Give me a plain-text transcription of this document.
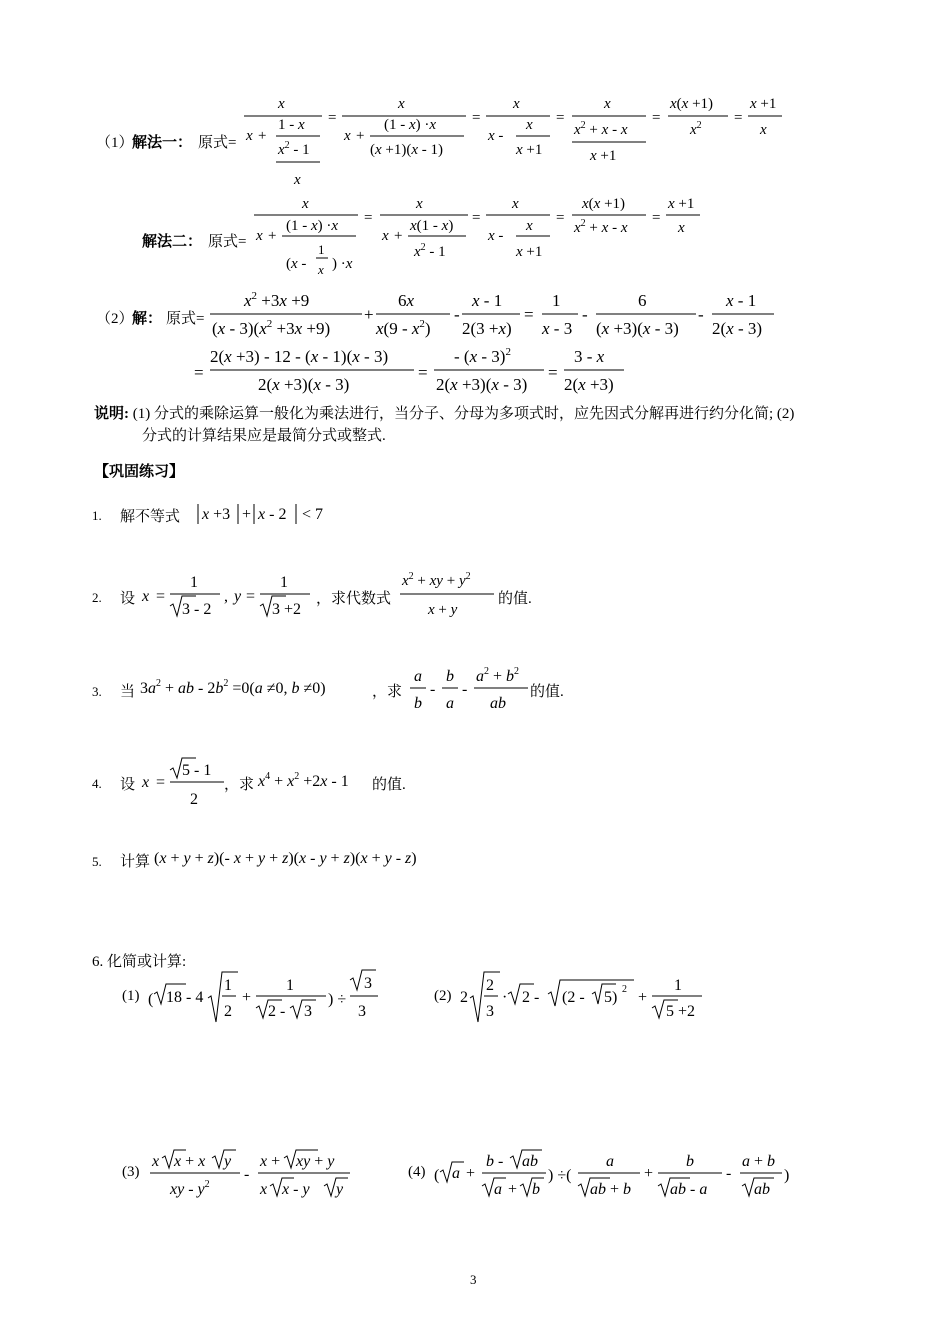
（1）
解法一： 原式=
x
x +
1 - x
$x^2 - 1$
x
=
x
x +
(1 - x) ·x
(x +1)(x - 1)
=
x
x -
x
x +1
=
x
$x^2 + x - x$
x +1
=
x(x +1)
$x^2$ =
x +1
x
解法二： 原式=
x
x +
(1 - x) ·x
(x -
1
x ) ·x
=
x
x +
x(1 - x)
$x^2 - 1$
=
x
x -
x
x +1
=
x(x +1)
$x^2 + x - x$
=
x +1
x
（2）
解： 原式=
$x^2 +3x +9$
$(x - 3)(x^2 +3x +9)$
+
6x
$x(9 - x^2)$
-
x - 1
2(3 +x)
=
1
x - 3
-
6
(x +3)(x - 3)
-
x - 1
2(x - 3)
=
2(x +3) - 12 - (x - 1)(x - 3)
2(x +3)(x - 3)
=
- (x - 3)$^2$
2(x +3)(x - 3)
=
3 - x
2(x +3)
说明: (1) 分式的乘除运算一般化为乘法进行，当分子、分母为多项式时，应先因式分解再进行约分化简; (2)
分式的计算结果应是最简分式或整式.
【巩固练习】
1. 解不等式 x +3 + x - 2 < 7
2. 设 x =
1
3 - 2
, y =
1
3 +2
，求代数式
$x^2$ + xy + $y^2$
x + y
的值.
3. 当 $3a^2$ + ab - $2b^2 =0(a \ne 0$, b ≠0)	，求
a
b
-
b
a
-
$a^2 + b^2$
ab
的值.
4. 设 x =
5 - 1
2
，求 $x^4 + x^2 +2x - 1$ 的值.
5. 计算 (x + y + z)(- x + y + z)(x - y + z)(x + y - z)
6. 化简或计算:
(1) ( 18 - 4
1
2
+
1
2 - 3
) ÷
3
3
(2) 2
2
3
· 2 - (2 - 5) 2 +
1
5 +2
(3)
x x + x y
xy - $y^2$
-
x + xy + y
x x - y y
(4) ( a +
b - ab
a + b
) ÷(
a
ab + b
+
b
ab - a
-
a + b
ab
)
3
